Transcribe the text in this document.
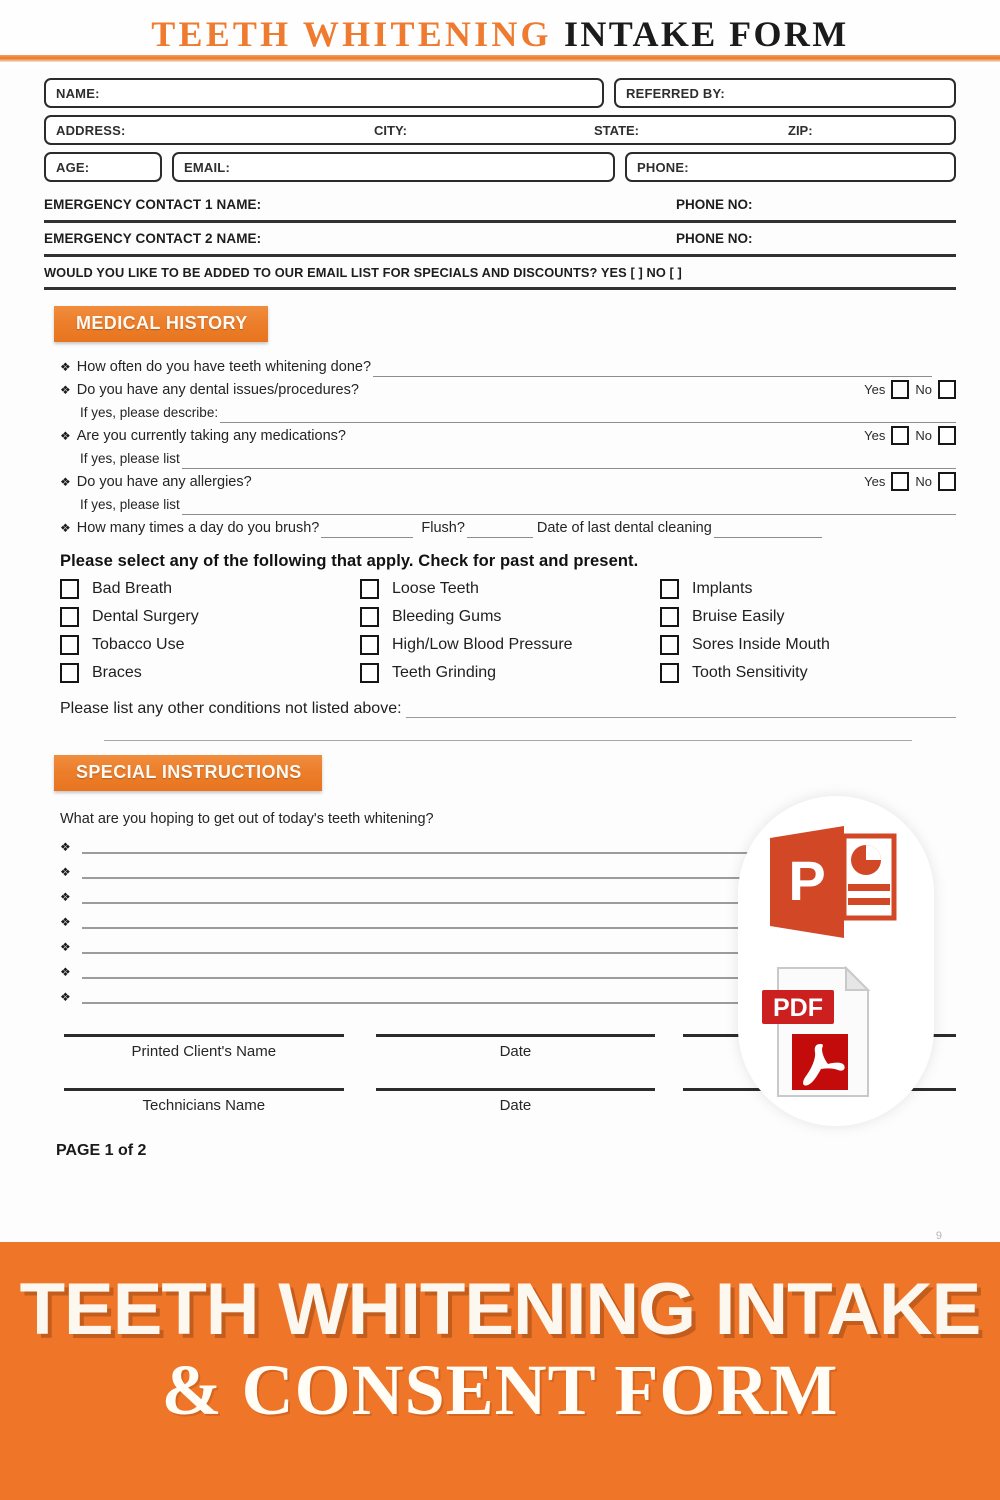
TEETH WHITENING INTAKE FORM
NAME:	REFERRED BY:
ADDRESS:	CITY:	STATE:	ZIP:
AGE:	EMAIL:	PHONE:
EMERGENCY CONTACT 1 NAME:	PHONE NO:
EMERGENCY CONTACT 2 NAME:	PHONE NO:
WOULD YOU LIKE TO BE ADDED TO OUR EMAIL LIST FOR SPECIALS AND DISCOUNTS? YES [ ] NO [ ]
MEDICAL HISTORY
❖ How often do you have teeth whitening done?
❖ Do you have any dental issues/procedures?	Yes No
If yes, please describe:
❖ Are you currently taking any medications?	Yes No
If yes, please list
❖ Do you have any allergies?	Yes No
If yes, please list
❖ How many times a day do you brush?	Flush?	Date of last dental cleaning
Please select any of the following that apply. Check for past and present.
Bad Breath	Loose Teeth	Implants
Dental Surgery	Bleeding Gums	Bruise Easily
Tobacco Use	High/Low Blood Pressure	Sores Inside Mouth
Braces	Teeth Grinding	Tooth Sensitivity
Please list any other conditions not listed above:
SPECIAL INSTRUCTIONS
What are you hoping to get out of today's teeth whitening?
❖
❖
❖
❖
❖
❖
❖
Printed Client's Name	Date
Technicians Name	Date
PAGE 1 of 2
9
P
PDF
TEETH WHITENING INTAKE
& CONSENT FORM
